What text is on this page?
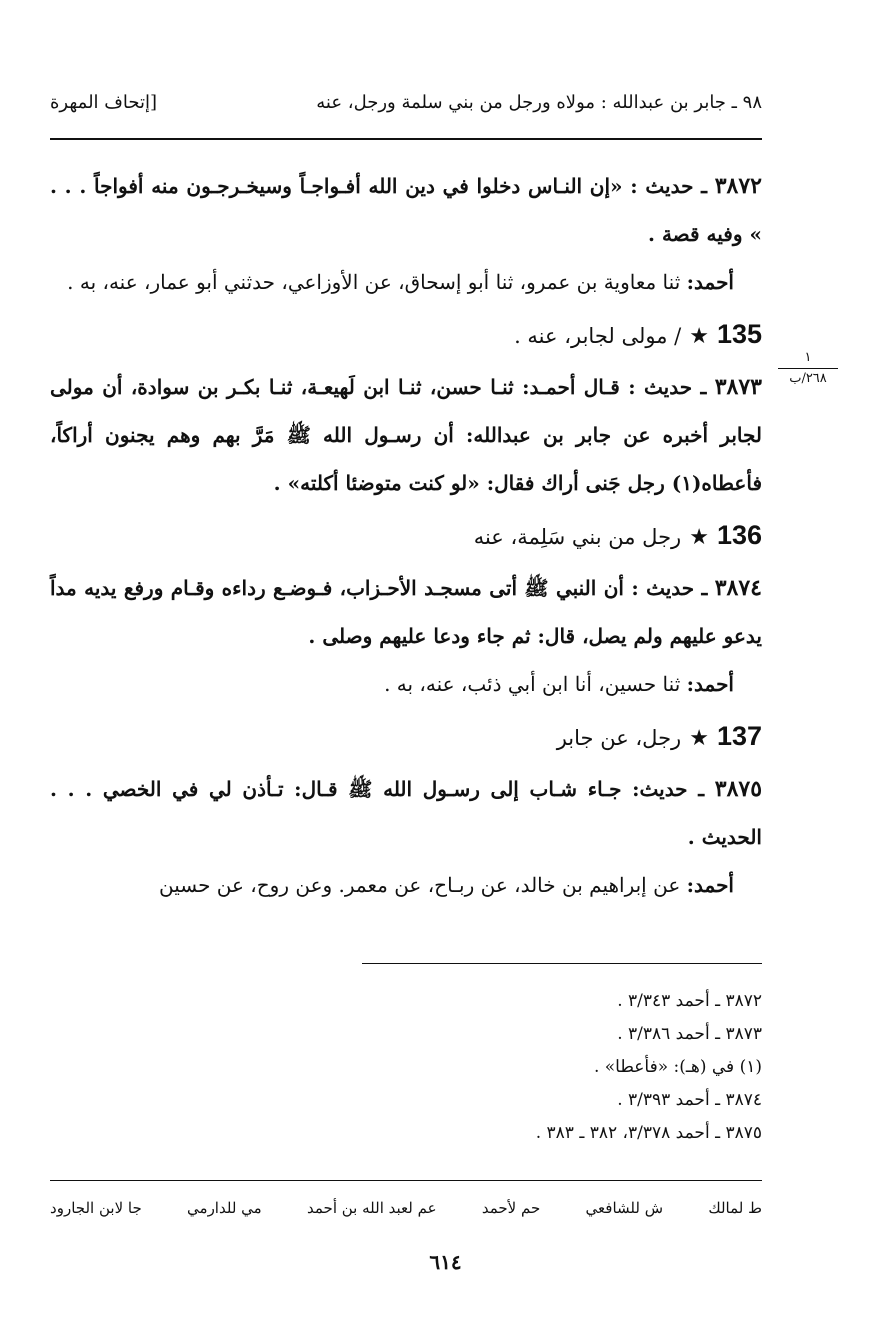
٩٨ ـ جابر بن عبدالله : مولاه ورجل من بني سلمة ورجل، عنه
[إتحاف المهرة
١
٢٦٨/ب

٣٨٧٢ ـ حديث : «إن النـاس دخلوا في دين الله أفـواجـاً وسيخـرجـون منه أفواجاً . . . » وفيه قصة .

أحمد: ثنا معاوية بن عمرو، ثنا أبو إسحاق، عن الأوزاعي، حدثني أبو عمار، عنه، به .

135★/ مولى لجابر، عنه .

٣٨٧٣ ـ حديث : قـال أحمـد: ثنـا حسن، ثنـا ابن لَهيعـة، ثنـا بكـر بن سوادة، أن مولى لجابر أخبره عن جابر بن عبدالله: أن رسـول الله ﷺ مَرَّ بهم وهم يجنون أراكاً، فأعطاه(١) رجل جَنى أراك فقال: «لو كنت متوضئا أكلته» .

136★رجل من بني سَلِمة، عنه

٣٨٧٤ ـ حديث : أن النبي ﷺ أتى مسجـد الأحـزاب، فـوضـع رداءه وقـام ورفع يديه مداً يدعو عليهم ولم يصل، قال: ثم جاء ودعا عليهم وصلى .

أحمد: ثنا حسين، أنا ابن أبي ذئب، عنه، به .

137★رجل، عن جابر

٣٨٧٥ ـ حديث: جـاء شـاب إلى رسـول الله ﷺ قـال: تـأذن لي في الخصي . . . الحديث .

أحمد: عن إبراهيم بن خالد، عن ربـاح، عن معمر. وعن روح، عن حسين

٣٨٧٢ ـ أحمد ٣/٣٤٣ .
٣٨٧٣ ـ أحمد ٣/٣٨٦ .
(١) في (هـ): «فأعطا» .
٣٨٧٤ ـ أحمد ٣/٣٩٣ .
٣٨٧٥ ـ أحمد ٣/٣٧٨، ٣٨٢ ـ ٣٨٣ .
ط لمالك
ش للشافعي
حم لأحمد
عم لعبد الله بن أحمد
مي للدارمي
جا لابن الجارود
٦١٤
